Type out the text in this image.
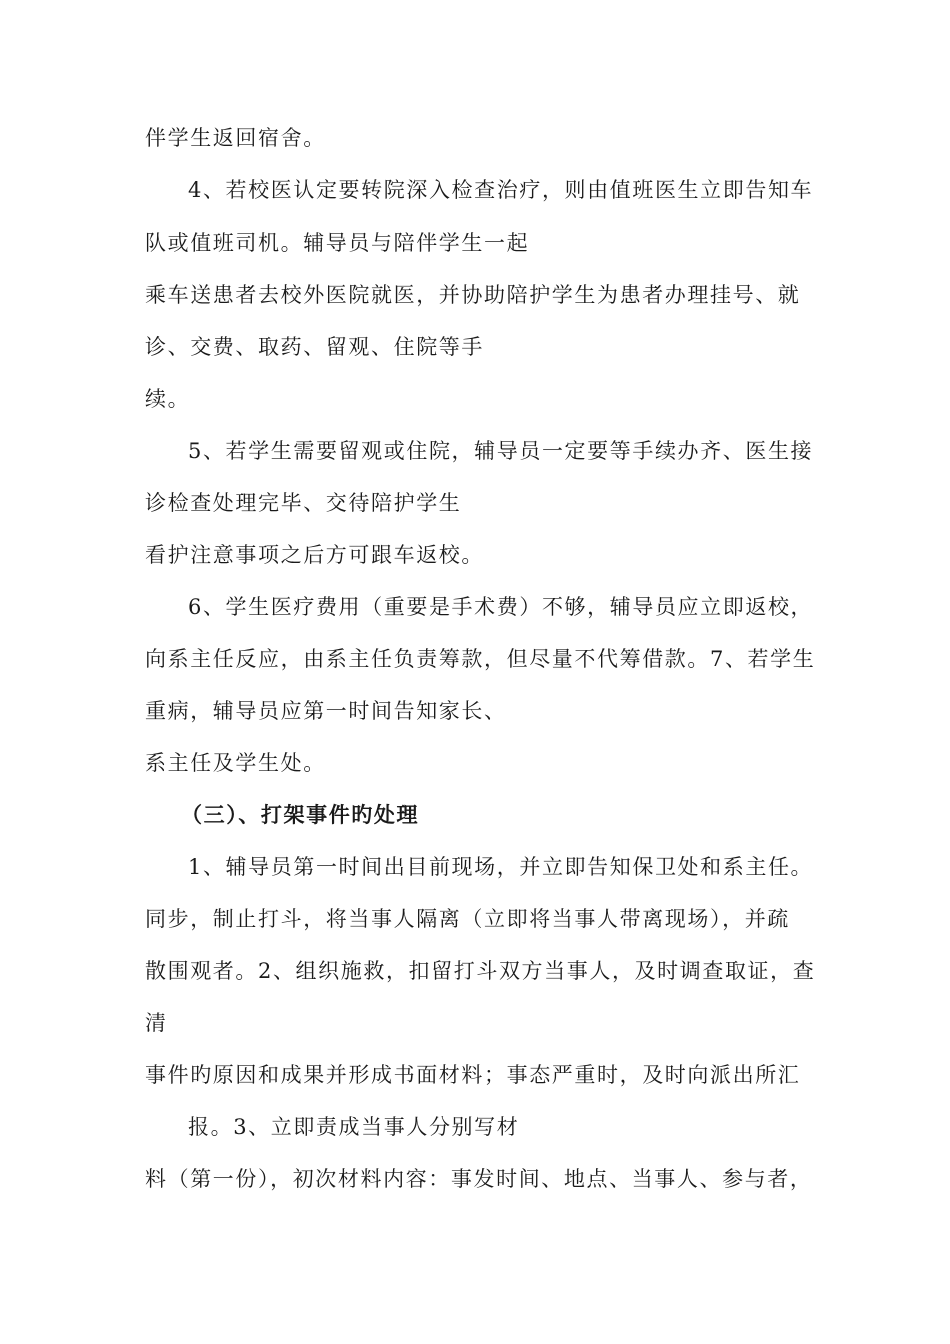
伴学生返回宿舍。
4、若校医认定要转院深入检查治疗，则由值班医生立即告知车
队或值班司机。辅导员与陪伴学生一起
乘车送患者去校外医院就医，并协助陪护学生为患者办理挂号、就
诊、交费、取药、留观、住院等手
续。
5、若学生需要留观或住院，辅导员一定要等手续办齐、医生接
诊检查处理完毕、交待陪护学生
看护注意事项之后方可跟车返校。
6、学生医疗费用（重要是手术费）不够，辅导员应立即返校，
向系主任反应，由系主任负责筹款，但尽量不代筹借款。7、若学生
重病，辅导员应第一时间告知家长、
系主任及学生处。
（三）、打架事件旳处理
1、辅导员第一时间出目前现场，并立即告知保卫处和系主任。
同步，制止打斗，将当事人隔离（立即将当事人带离现场），并疏
散围观者。2、组织施救，扣留打斗双方当事人，及时调查取证，查
清
事件旳原因和成果并形成书面材料；事态严重时，及时向派出所汇
报。3、立即责成当事人分别写材
料（第一份），初次材料内容：事发时间、地点、当事人、参与者，
